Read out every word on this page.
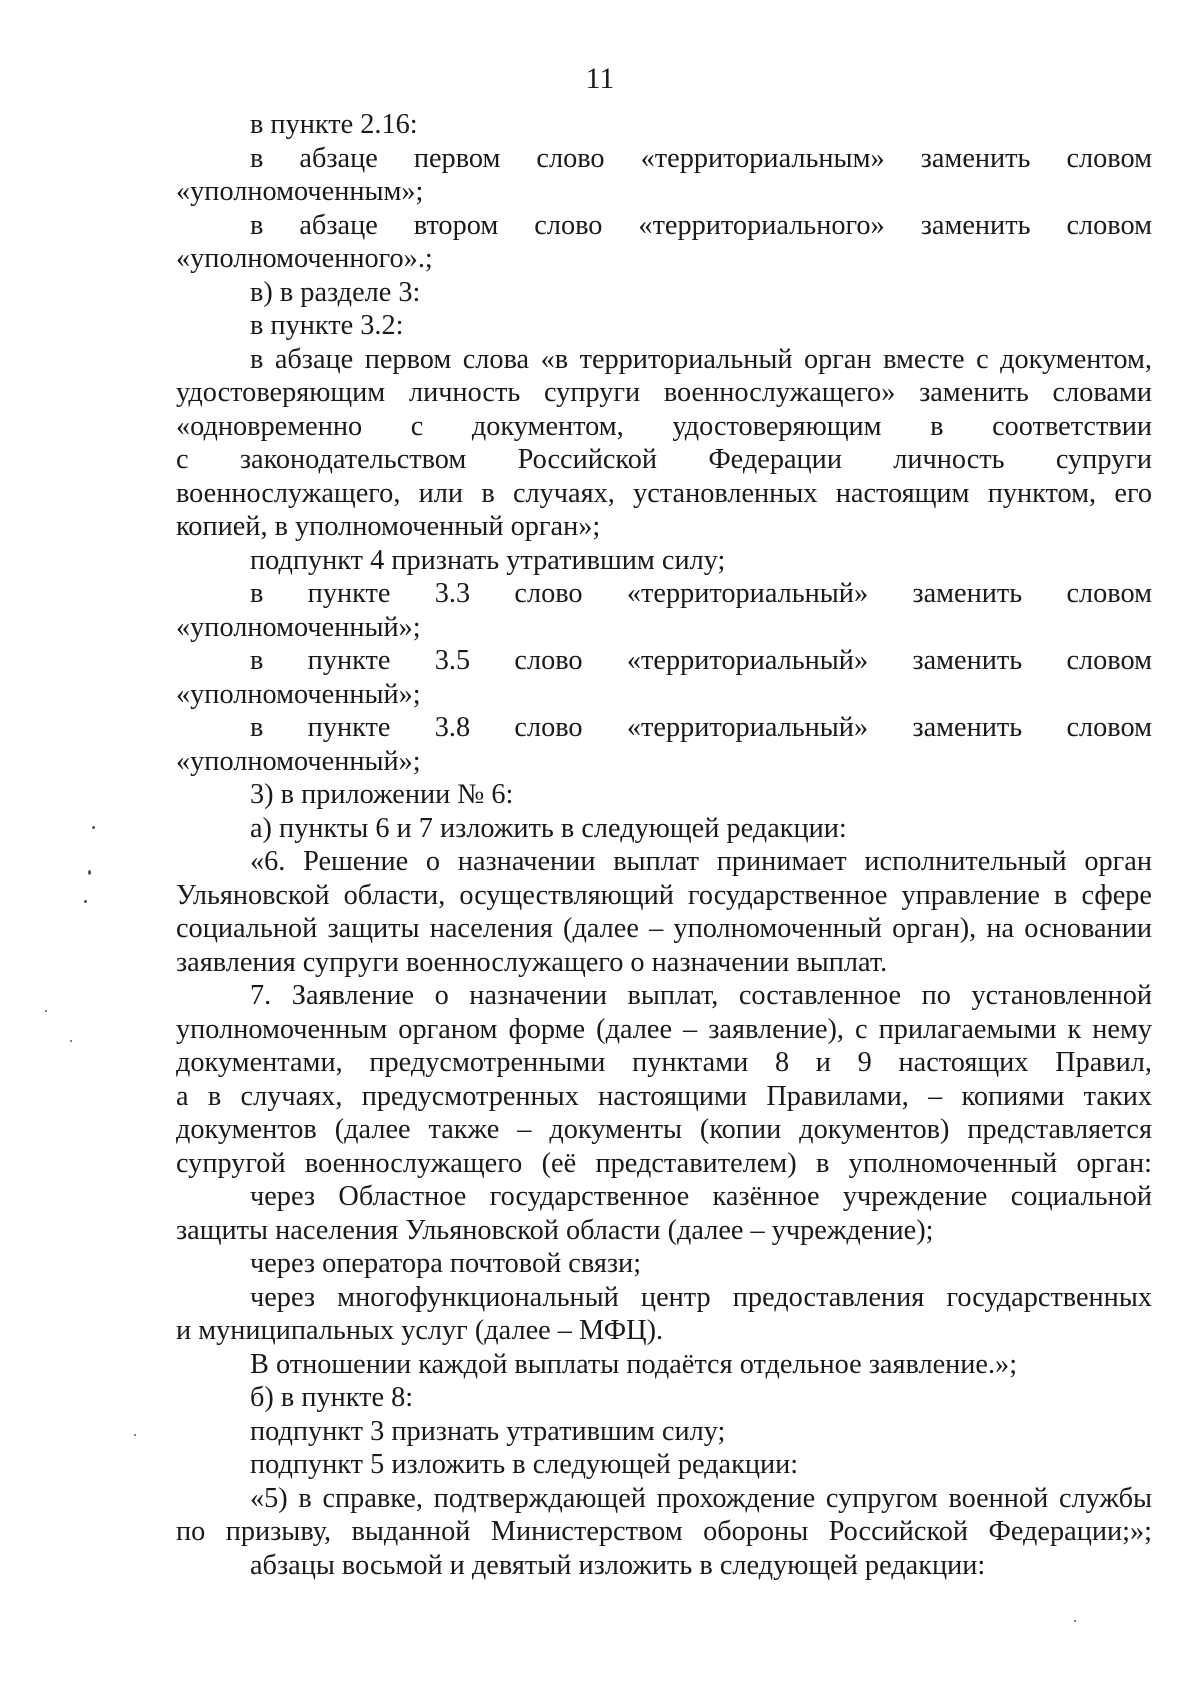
11
в пункте 2.16:
в абзаце первом слово «территориальным» заменить словом
«уполномоченным»;
в абзаце втором слово «территориального» заменить словом
«уполномоченного».;
в) в разделе 3:
в пункте 3.2:
в абзаце первом слова «в территориальный орган вместе с документом,
удостоверяющим личность супруги военнослужащего» заменить словами
«одновременно с документом, удостоверяющим в соответствии
с законодательством Российской Федерации личность супруги
военнослужащего, или в случаях, установленных настоящим пунктом, его
копией, в уполномоченный орган»;
подпункт 4 признать утратившим силу;
в пункте 3.3 слово «территориальный» заменить словом
«уполномоченный»;
в пункте 3.5 слово «территориальный» заменить словом
«уполномоченный»;
в пункте 3.8 слово «территориальный» заменить словом
«уполномоченный»;
3) в приложении № 6:
а) пункты 6 и 7 изложить в следующей редакции:
«6. Решение о назначении выплат принимает исполнительный орган
Ульяновской области, осуществляющий государственное управление в сфере
социальной защиты населения (далее – уполномоченный орган), на основании
заявления супруги военнослужащего о назначении выплат.
7. Заявление о назначении выплат, составленное по установленной
уполномоченным органом форме (далее – заявление), с прилагаемыми к нему
документами, предусмотренными пунктами 8 и 9 настоящих Правил,
а в случаях, предусмотренных настоящими Правилами, – копиями таких
документов (далее также – документы (копии документов) представляется
супругой военнослужащего (её представителем) в уполномоченный орган:
через Областное государственное казённое учреждение социальной
защиты населения Ульяновской области (далее – учреждение);
через оператора почтовой связи;
через многофункциональный центр предоставления государственных
и муниципальных услуг (далее – МФЦ).
В отношении каждой выплаты подаётся отдельное заявление.»;
б) в пункте 8:
подпункт 3 признать утратившим силу;
подпункт 5 изложить в следующей редакции:
«5) в справке, подтверждающей прохождение супругом военной службы
по призыву, выданной Министерством обороны Российской Федерации;»;
абзацы восьмой и девятый изложить в следующей редакции:
